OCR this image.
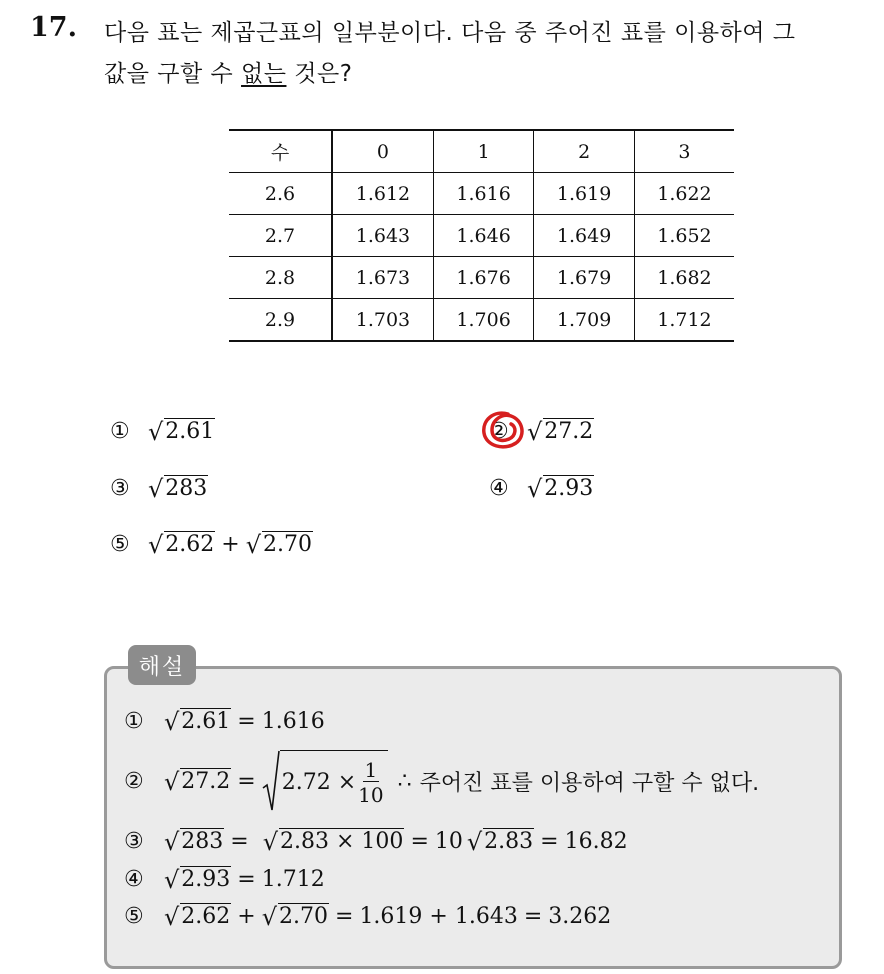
17. 다음 표는 제곱근표의 일부분이다. 다음 중 주어진 표를 이용하여 그
값을 구할 수 없는 것은?
수	0	1	2	3
2.6	1.612	1.616	1.619	1.622
2.7	1.643	1.646	1.649	1.652
2.8	1.673	1.676	1.679	1.682
2.9	1.703	1.706	1.709	1.712
① √ 2.61	② √ 27.2
③ √ 283	④ √ 2.93
⑤ √ 2.62 + √ 2.70
해설
① √ 2.61 = 1.616
② √ $27.2 = 2.72 \times \frac{1}{10}$ ∴ 주어진 표를 이용하여 구할 수 없다.
③ √ 283 = √ 2.83 × 100 = 10 √ 2.83 = 16.82
④ √ 2.93 = 1.712
⑤ √ 2.62 + √ 2.70 = 1.619 + 1.643 = 3.262
